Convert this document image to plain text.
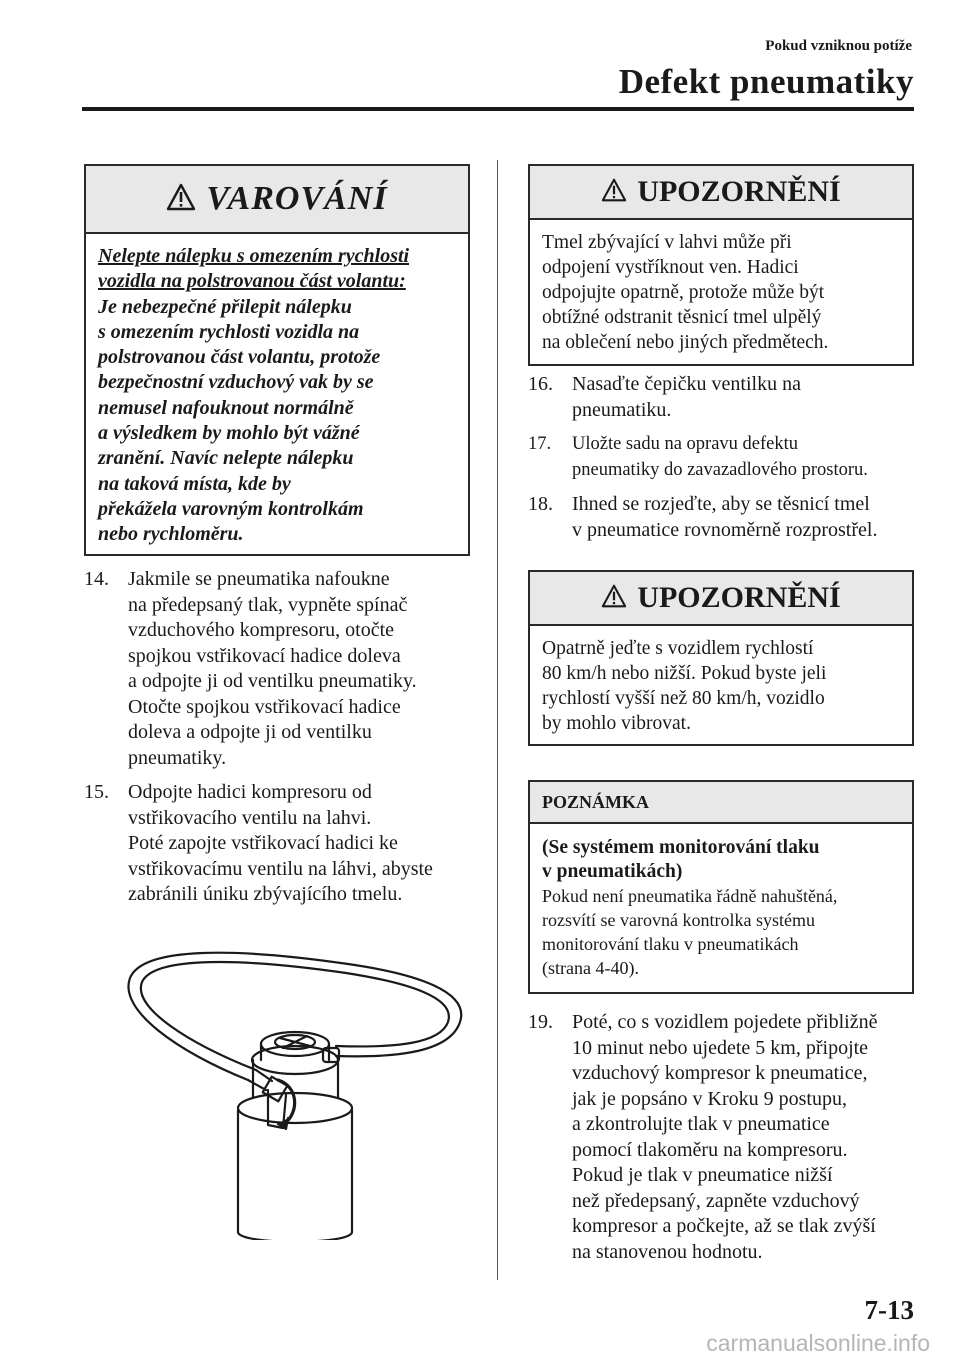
Pokud vzniknou potíže
Defekt pneumatiky
VAROVÁNÍ
Nelepte nálepku s omezením rychlosti
vozidla na polstrovanou část volantu:
Je nebezpečné přilepit nálepku
s omezením rychlosti vozidla na
polstrovanou část volantu, protože
bezpečnostní vzduchový vak by se
nemusel nafouknout normálně
a výsledkem by mohlo být vážné
zranění. Navíc nelepte nálepku
na taková místa, kde by
překážela varovným kontrolkám
nebo rychloměru.
14. Jakmile se pneumatika nafoukne
na předepsaný tlak, vypněte spínač
vzduchového kompresoru, otočte
spojkou vstřikovací hadice doleva
a odpojte ji od ventilku pneumatiky.
Otočte spojkou vstřikovací hadice
doleva a odpojte ji od ventilku
pneumatiky.
15. Odpojte hadici kompresoru od
vstřikovacího ventilu na lahvi.
Poté zapojte vstřikovací hadici ke
vstřikovacímu ventilu na láhvi, abyste
zabránili úniku zbývajícího tmelu.
UPOZORNĚNÍ
Tmel zbývající v lahvi může při
odpojení vystříknout ven. Hadici
odpojujte opatrně, protože může být
obtížné odstranit těsnicí tmel ulpělý
na oblečení nebo jiných předmětech.
16. Nasaďte čepičku ventilku na
pneumatiku.
17.	Uložte sadu na opravu defektu
pneumatiky do zavazadlového prostoru.
18. Ihned se rozjeďte, aby se těsnicí tmel
v pneumatice rovnoměrně rozprostřel.
UPOZORNĚNÍ
Opatrně jeďte s vozidlem rychlostí
80 km/h nebo nižší. Pokud byste jeli
rychlostí vyšší než 80 km/h, vozidlo
by mohlo vibrovat.
POZNÁMKA
(Se systémem monitorování tlaku
v pneumatikách)
Pokud není pneumatika řádně nahuštěná,
rozsvítí se varovná kontrolka systému
monitorování tlaku v pneumatikách
(strana 4-40).
19. Poté, co s vozidlem pojedete přibližně
10 minut nebo ujedete 5 km, připojte
vzduchový kompresor k pneumatice,
jak je popsáno v Kroku 9 postupu,
a zkontrolujte tlak v pneumatice
pomocí tlakoměru na kompresoru.
Pokud je tlak v pneumatice nižší
než předepsaný, zapněte vzduchový
kompresor a počkejte, až se tlak zvýší
na stanovenou hodnotu.
7-13
carmanualsonline.info
